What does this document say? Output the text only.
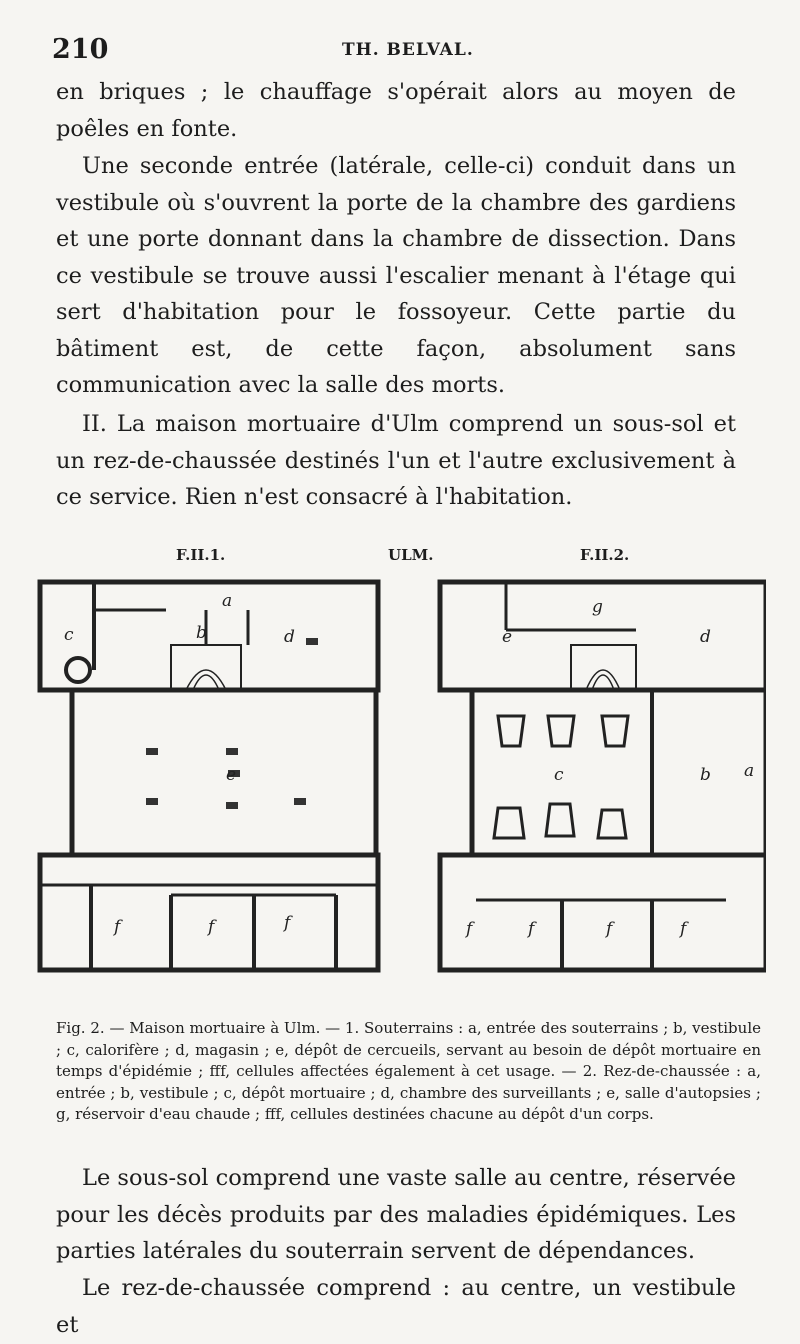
210	TH. BELVAL.

en briques ; le chauffage s'opérait alors au moyen de poêles en fonte.

Une seconde entrée (latérale, celle-ci) conduit dans un vestibule où s'ouvrent la porte de la chambre des gardiens et une porte donnant dans la chambre de dissection. Dans ce vestibule se trouve aussi l'escalier menant à l'étage qui sert d'habitation pour le fossoyeur. Cette partie du bâtiment est, de cette façon, absolument sans communication avec la salle des morts.

II. La maison mortuaire d'Ulm comprend un sous-sol et un rez-de-chaussée destinés l'un et l'autre exclusivement à ce service. Rien n'est consacré à l'habitation.

F.II.1.	ULM.	F.II.2.
a
b
c	d
e
f	f	f
a
b
c
d
e
f	f	f	f
g

Fig. 2. — Maison mortuaire à Ulm. — 1. Souterrains : a, entrée des souterrains ; b, vestibule ; c, calorifère ; d, magasin ; e, dépôt de cercueils, servant au besoin de dépôt mortuaire en temps d'épidémie ; fff, cellules affectées également à cet usage. — 2. Rez-de-chaussée : a, entrée ; b, vestibule ; c, dépôt mortuaire ; d, chambre des surveillants ; e, salle d'autopsies ; g, réservoir d'eau chaude ; fff, cellules destinées chacune au dépôt d'un corps.

Le sous-sol comprend une vaste salle au centre, réservée pour les décès produits par des maladies épidémiques. Les parties latérales du souterrain servent de dépendances.

Le rez-de-chaussée comprend : au centre, un vestibule et
